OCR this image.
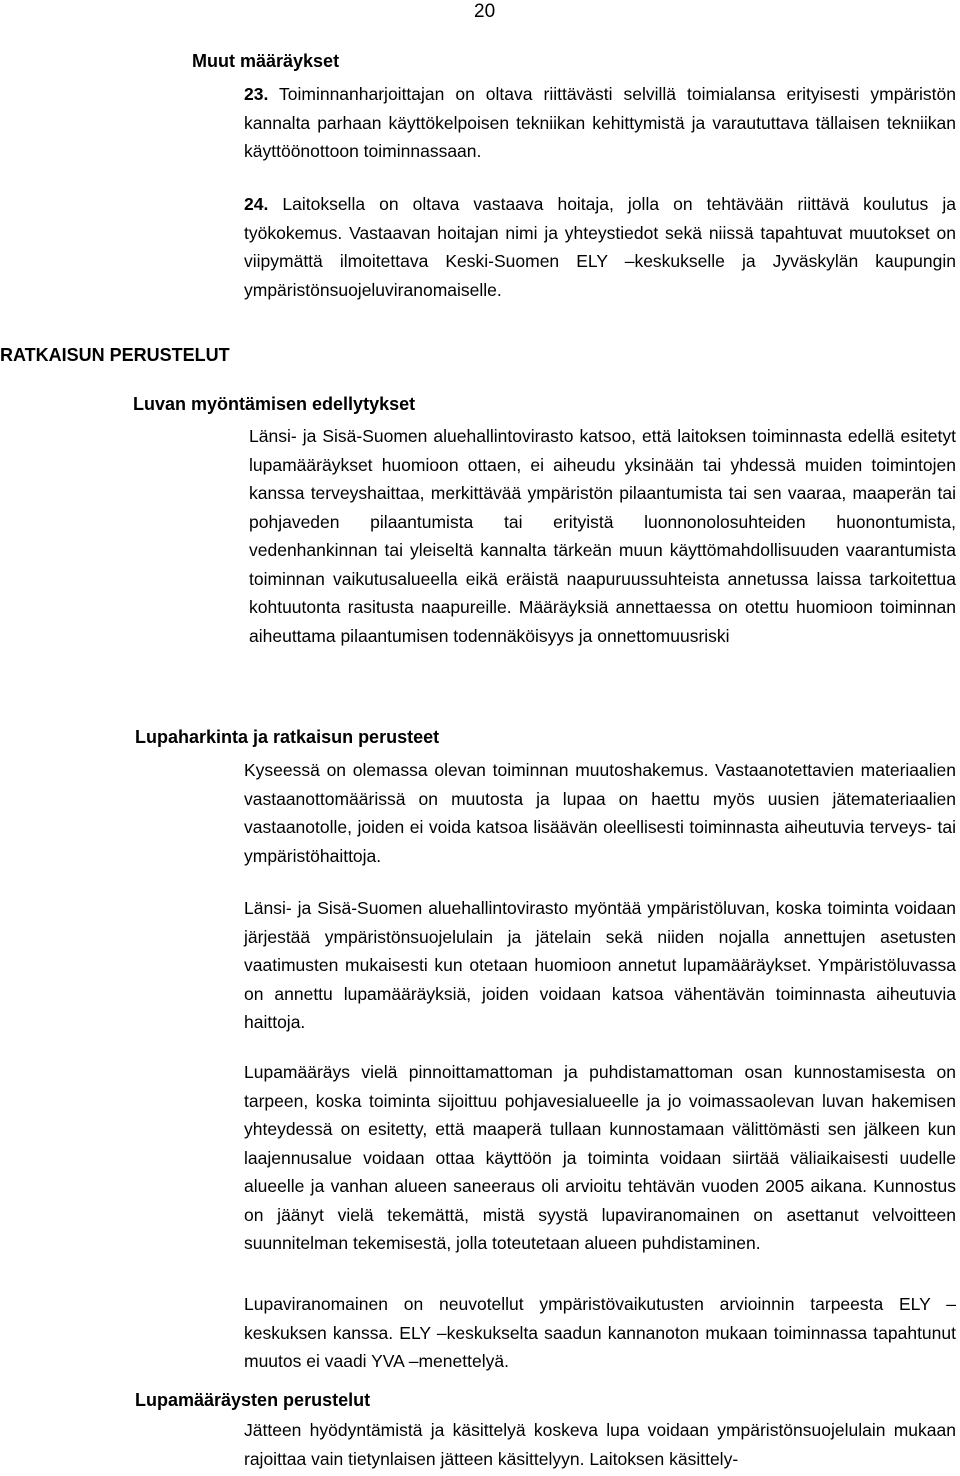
20
Muut määräykset

23. Toiminnanharjoittajan on oltava riittävästi selvillä toimialansa erityisesti ympäristön kannalta parhaan käyttökelpoisen tekniikan kehittymistä ja varaututtava tällaisen tekniikan käyttöönottoon toiminnassaan.

24. Laitoksella on oltava vastaava hoitaja, jolla on tehtävään riittävä koulutus ja työkokemus. Vastaavan hoitajan nimi ja yhteystiedot sekä niissä tapahtuvat muutokset on viipymättä ilmoitettava Keski-Suomen ELY –keskukselle ja Jyväskylän kaupungin ympäristönsuojeluviranomaiselle.

RATKAISUN PERUSTELUT
Luvan myöntämisen edellytykset

Länsi- ja Sisä-Suomen aluehallintovirasto katsoo, että laitoksen toiminnasta edellä esitetyt lupamääräykset huomioon ottaen, ei aiheudu yksinään tai yhdessä muiden toimintojen kanssa terveyshaittaa, merkittävää ympäristön pilaantumista tai sen vaaraa, maaperän tai pohjaveden pilaantumista tai erityistä luonnonolosuhteiden huonontumista, vedenhankinnan tai yleiseltä kannalta tärkeän muun käyttömahdollisuuden vaarantumista toiminnan vaikutusalueella eikä eräistä naapuruussuhteista annetussa laissa tarkoitettua kohtuutonta rasitusta naapureille. Määräyksiä annettaessa on otettu huomioon toiminnan aiheuttama pilaantumisen todennäköisyys ja onnettomuusriski

Lupaharkinta ja ratkaisun perusteet

Kyseessä on olemassa olevan toiminnan muutoshakemus. Vastaanotettavien materiaalien vastaanottomäärissä on muutosta ja lupaa on haettu myös uusien jätemateriaalien vastaanotolle, joiden ei voida katsoa lisäävän oleellisesti toiminnasta aiheutuvia terveys- tai ympäristöhaittoja.

Länsi- ja Sisä-Suomen aluehallintovirasto myöntää ympäristöluvan, koska toiminta voidaan järjestää ympäristönsuojelulain ja jätelain sekä niiden nojalla annettujen asetusten vaatimusten mukaisesti kun otetaan huomioon annetut lupamääräykset. Ympäristöluvassa on annettu lupamääräyksiä, joiden voidaan katsoa vähentävän toiminnasta aiheutuvia haittoja.

Lupamääräys vielä pinnoittamattoman ja puhdistamattoman osan kunnostamisesta on tarpeen, koska toiminta sijoittuu pohjavesialueelle ja jo voimassaolevan luvan hakemisen yhteydessä on esitetty, että maaperä tullaan kunnostamaan välittömästi sen jälkeen kun laajennusalue voidaan ottaa käyttöön ja toiminta voidaan siirtää väliaikaisesti uudelle alueelle ja vanhan alueen saneeraus oli arvioitu tehtävän vuoden 2005 aikana. Kunnostus on jäänyt vielä tekemättä, mistä syystä lupaviranomainen on asettanut velvoitteen suunnitelman tekemisestä, jolla toteutetaan alueen puhdistaminen.

Lupaviranomainen on neuvotellut ympäristövaikutusten arvioinnin tarpeesta ELY –keskuksen kanssa. ELY –keskukselta saadun kannanoton mukaan toiminnassa tapahtunut muutos ei vaadi YVA –menettelyä.

Lupamääräysten perustelut

Jätteen hyödyntämistä ja käsittelyä koskeva lupa voidaan ympäristönsuojelulain mukaan rajoittaa vain tietynlaisen jätteen käsittelyyn. Laitoksen käsittely-
